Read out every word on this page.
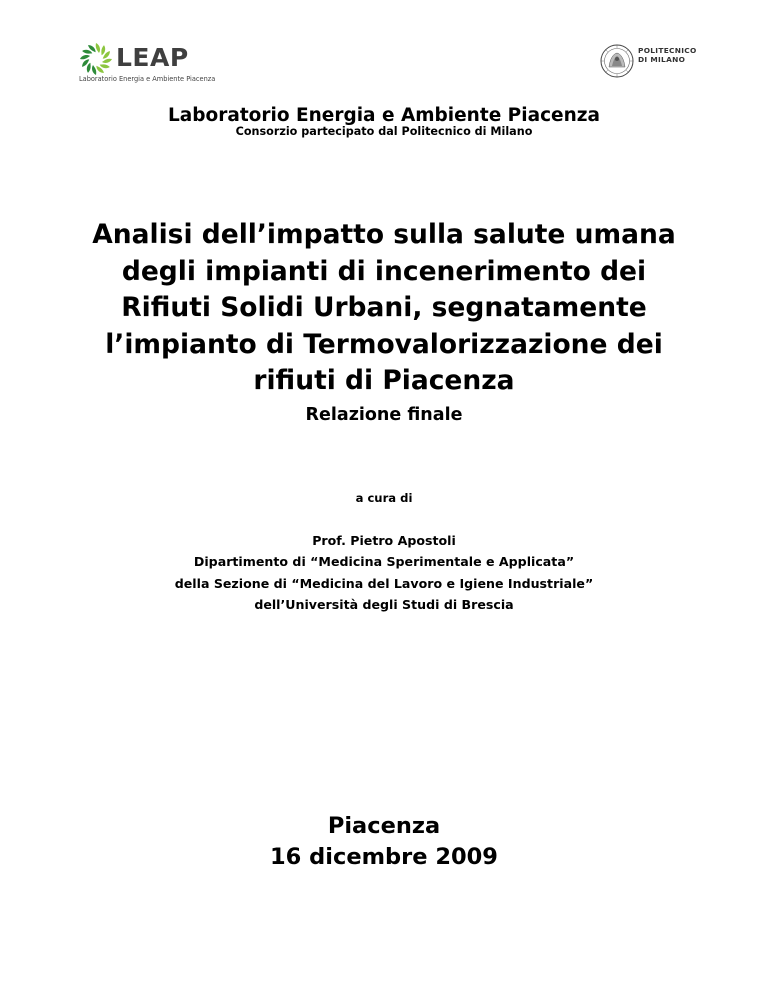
LEAP
Laboratorio Energia e Ambiente Piacenza
POLITECNICO
DI MILANO
Laboratorio Energia e Ambiente Piacenza
Consorzio partecipato dal Politecnico di Milano
Analisi dell’impatto sulla salute umana
degli impianti di incenerimento dei
Rifiuti Solidi Urbani, segnatamente
l’impianto di Termovalorizzazione dei
rifiuti di Piacenza
Relazione finale
a cura di
Prof. Pietro Apostoli
Dipartimento di “Medicina Sperimentale e Applicata”
della Sezione di “Medicina del Lavoro e Igiene Industriale”
dell’Università degli Studi di Brescia
Piacenza
16 dicembre 2009
